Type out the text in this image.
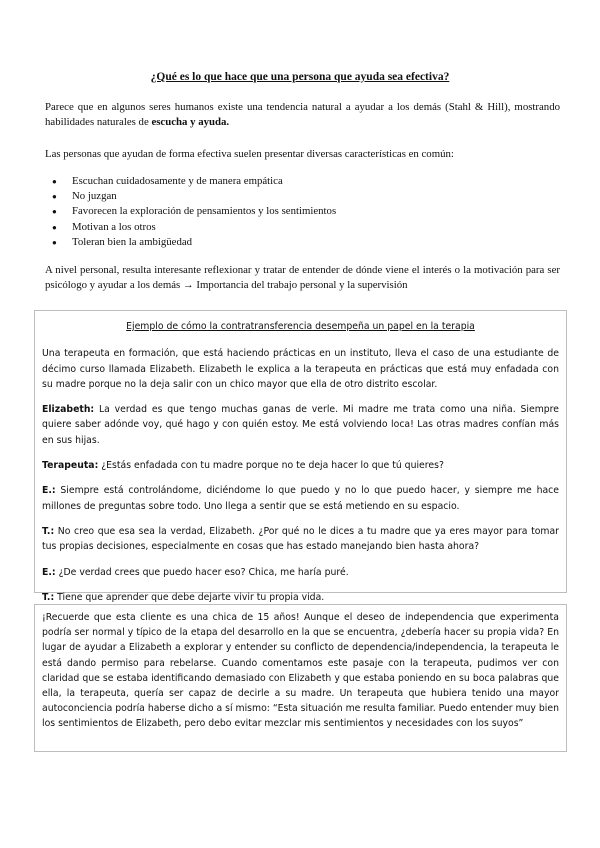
¿Qué es lo que hace que una persona que ayuda sea efectiva?
Parece que en algunos seres humanos existe una tendencia natural a ayudar a los demás (Stahl & Hill), mostrando habilidades naturales de escucha y ayuda.
Las personas que ayudan de forma efectiva suelen presentar diversas características en común:
● Escuchan cuidadosamente y de manera empática
● No juzgan
● Favorecen la exploración de pensamientos y los sentimientos
● Motivan a los otros
● Toleran bien la ambigüedad
A nivel personal, resulta interesante reflexionar y tratar de entender de dónde viene el interés o la motivación para ser psicólogo y ayudar a los demás → Importancia del trabajo personal y la supervisión
Ejemplo de cómo la contratransferencia desempeña un papel en la terapia
Una terapeuta en formación, que está haciendo prácticas en un instituto, lleva el caso de una estudiante de décimo curso llamada Elizabeth. Elizabeth le explica a la terapeuta en prácticas que está muy enfadada con su madre porque no la deja salir con un chico mayor que ella de otro distrito escolar.
Elizabeth: La verdad es que tengo muchas ganas de verle. Mi madre me trata como una niña. Siempre quiere saber adónde voy, qué hago y con quién estoy. Me está volviendo loca! Las otras madres confían más en sus hijas.
Terapeuta: ¿Estás enfadada con tu madre porque no te deja hacer lo que tú quieres?
E.: Siempre está controlándome, diciéndome lo que puedo y no lo que puedo hacer, y siempre me hace millones de preguntas sobre todo. Uno llega a sentir que se está metiendo en su espacio.
T.: No creo que esa sea la verdad, Elizabeth. ¿Por qué no le dices a tu madre que ya eres mayor para tomar tus propias decisiones, especialmente en cosas que has estado manejando bien hasta ahora?
E.: ¿De verdad crees que puedo hacer eso? Chica, me haría puré.
T.: Tiene que aprender que debe dejarte vivir tu propia vida.
¡Recuerde que esta cliente es una chica de 15 años! Aunque el deseo de independencia que experimenta podría ser normal y típico de la etapa del desarrollo en la que se encuentra, ¿debería hacer su propia vida? En lugar de ayudar a Elizabeth a explorar y entender su conflicto de dependencia/independencia, la terapeuta le está dando permiso para rebelarse. Cuando comentamos este pasaje con la terapeuta, pudimos ver con claridad que se estaba identificando demasiado con Elizabeth y que estaba poniendo en su boca palabras que ella, la terapeuta, quería ser capaz de decirle a su madre. Un terapeuta que hubiera tenido una mayor autoconciencia podría haberse dicho a sí mismo: “Esta situación me resulta familiar. Puedo entender muy bien los sentimientos de Elizabeth, pero debo evitar mezclar mis sentimientos y necesidades con los suyos”
